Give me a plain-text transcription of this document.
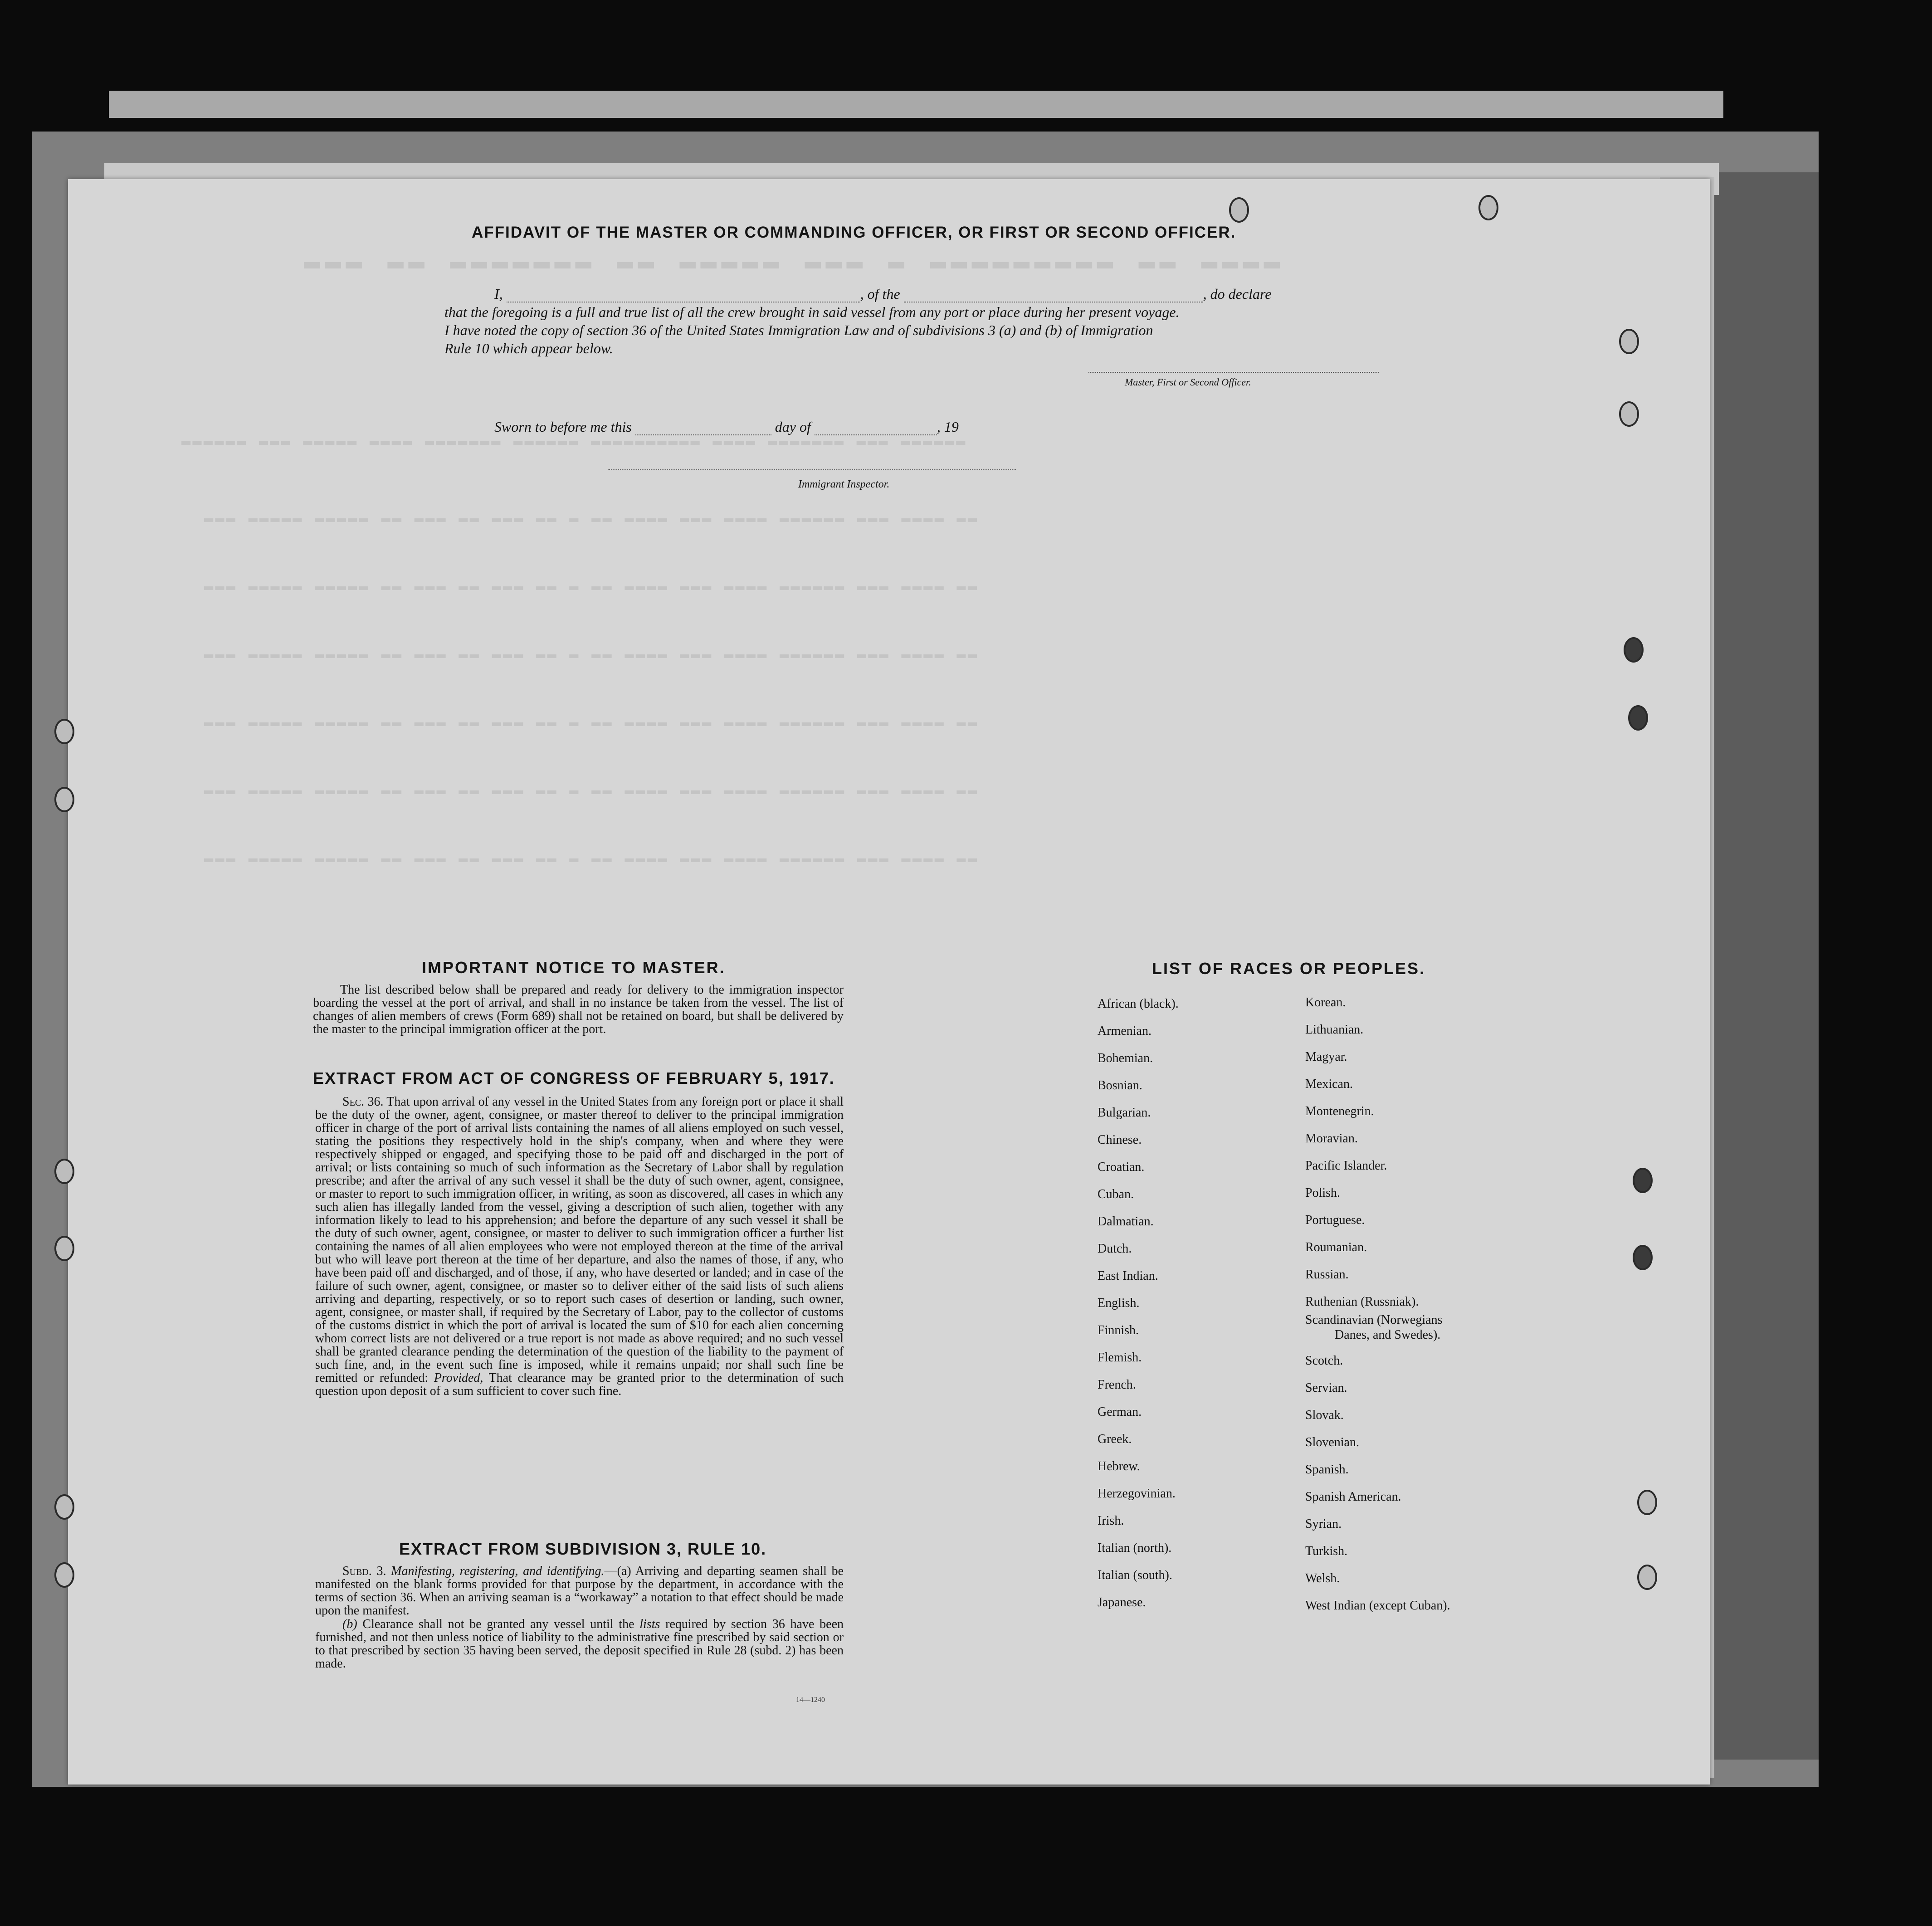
▬▬▬ ▬▬ ▬▬▬▬▬▬▬ ▬▬ ▬▬▬▬▬ ▬▬▬ ▬ ▬▬▬▬▬▬▬▬▬ ▬▬ ▬▬▬▬
▬▬▬▬▬▬ ▬▬▬ ▬▬▬▬▬ ▬▬▬▬ ▬▬▬▬▬▬▬ ▬▬▬▬▬▬ ▬▬▬▬▬▬▬▬▬▬ ▬▬▬▬ ▬▬▬▬▬▬▬ ▬▬▬ ▬▬▬▬▬▬
▬▬▬ ▬▬▬▬▬ ▬▬▬▬▬ ▬▬ ▬▬▬ ▬▬ ▬▬▬ ▬▬ ▬ ▬▬ ▬▬▬▬ ▬▬▬ ▬▬▬▬ ▬▬▬▬▬▬ ▬▬▬ ▬▬▬▬ ▬▬
▬▬▬ ▬▬▬▬▬ ▬▬▬▬▬ ▬▬ ▬▬▬ ▬▬ ▬▬▬ ▬▬ ▬ ▬▬ ▬▬▬▬ ▬▬▬ ▬▬▬▬ ▬▬▬▬▬▬ ▬▬▬ ▬▬▬▬ ▬▬
▬▬▬ ▬▬▬▬▬ ▬▬▬▬▬ ▬▬ ▬▬▬ ▬▬ ▬▬▬ ▬▬ ▬ ▬▬ ▬▬▬▬ ▬▬▬ ▬▬▬▬ ▬▬▬▬▬▬ ▬▬▬ ▬▬▬▬ ▬▬
▬▬▬ ▬▬▬▬▬ ▬▬▬▬▬ ▬▬ ▬▬▬ ▬▬ ▬▬▬ ▬▬ ▬ ▬▬ ▬▬▬▬ ▬▬▬ ▬▬▬▬ ▬▬▬▬▬▬ ▬▬▬ ▬▬▬▬ ▬▬
▬▬▬ ▬▬▬▬▬ ▬▬▬▬▬ ▬▬ ▬▬▬ ▬▬ ▬▬▬ ▬▬ ▬ ▬▬ ▬▬▬▬ ▬▬▬ ▬▬▬▬ ▬▬▬▬▬▬ ▬▬▬ ▬▬▬▬ ▬▬
▬▬▬ ▬▬▬▬▬ ▬▬▬▬▬ ▬▬ ▬▬▬ ▬▬ ▬▬▬ ▬▬ ▬ ▬▬ ▬▬▬▬ ▬▬▬ ▬▬▬▬ ▬▬▬▬▬▬ ▬▬▬ ▬▬▬▬ ▬▬
AFFIDAVIT OF THE MASTER OR COMMANDING OFFICER, OR FIRST OR SECOND OFFICER.
I,	, of the	, do declare
that the foregoing is a full and true list of all the crew brought in said vessel from any port or place during her present voyage.
I have noted the copy of section 36 of the United States Immigration Law and of subdivisions 3 (a) and (b) of Immigration
Rule 10 which appear below.
Master, First or Second Officer.
Sworn to before me this	day of	, 19
Immigrant Inspector.
IMPORTANT NOTICE TO MASTER.
The list described below shall be prepared and ready for delivery to the immigration inspector boarding the vessel at the port of arrival, and shall in no instance be taken from the vessel. The list of changes of alien members of crews (Form 689) shall not be retained on board, but shall be delivered by the master to the principal immigration officer at the port.
EXTRACT FROM ACT OF CONGRESS OF FEBRUARY 5, 1917.
Sec. 36. That upon arrival of any vessel in the United States from any foreign port or place it shall be the duty of the owner, agent, consignee, or master thereof to deliver to the principal immigration officer in charge of the port of arrival lists containing the names of all aliens employed on such vessel, stating the positions they respectively hold in the ship's company, when and where they were respectively shipped or engaged, and specifying those to be paid off and discharged in the port of arrival; or lists containing so much of such information as the Secretary of Labor shall by regulation prescribe; and after the arrival of any such vessel it shall be the duty of such owner, agent, consignee, or master to report to such immigration officer, in writing, as soon as discovered, all cases in which any such alien has illegally landed from the vessel, giving a description of such alien, together with any information likely to lead to his apprehension; and before the departure of any such vessel it shall be the duty of such owner, agent, consignee, or master to deliver to such immigration officer a further list containing the names of all alien employees who were not employed thereon at the time of the arrival but who will leave port thereon at the time of her departure, and also the names of those, if any, who have been paid off and discharged, and of those, if any, who have deserted or landed; and in case of the failure of such owner, agent, consignee, or master so to deliver either of the said lists of such aliens arriving and departing, respectively, or so to report such cases of desertion or landing, such owner, agent, consignee, or master shall, if required by the Secretary of Labor, pay to the collector of customs of the customs district in which the port of arrival is located the sum of $10 for each alien concerning whom correct lists are not delivered or a true report is not made as above required; and no such vessel shall be granted clearance pending the determination of the question of the liability to the payment of such fine, and, in the event such fine is imposed, while it remains unpaid; nor shall such fine be remitted or refunded: Provided, That clearance may be granted prior to the determination of such question upon deposit of a sum sufficient to cover such fine.
EXTRACT FROM SUBDIVISION 3, RULE 10.
Subd. 3. Manifesting, registering, and identifying.—(a) Arriving and departing seamen shall be manifested on the blank forms provided for that purpose by the department, in accordance with the terms of section 36. When an arriving seaman is a “workaway” a notation to that effect should be made upon the manifest.
(b) Clearance shall not be granted any vessel until the lists required by section 36 have been furnished, and not then unless notice of liability to the administrative fine prescribed by said section or to that prescribed by section 35 having been served, the deposit specified in Rule 28 (subd. 2) has been made.
14—1240
LIST OF RACES OR PEOPLES.
African (black).
Armenian.
Bohemian.
Bosnian.
Bulgarian.
Chinese.
Croatian.
Cuban.
Dalmatian.
Dutch.
East Indian.
English.
Finnish.
Flemish.
French.
German.
Greek.
Hebrew.
Herzegovinian.
Irish.
Italian (north).
Italian (south).
Japanese.
Korean.
Lithuanian.
Magyar.
Mexican.
Montenegrin.
Moravian.
Pacific Islander.
Polish.
Portuguese.
Roumanian.
Russian.
Ruthenian (Russniak).
Scandinavian (Norwegians
Danes, and Swedes).
Scotch.
Servian.
Slovak.
Slovenian.
Spanish.
Spanish American.
Syrian.
Turkish.
Welsh.
West Indian (except Cuban).
